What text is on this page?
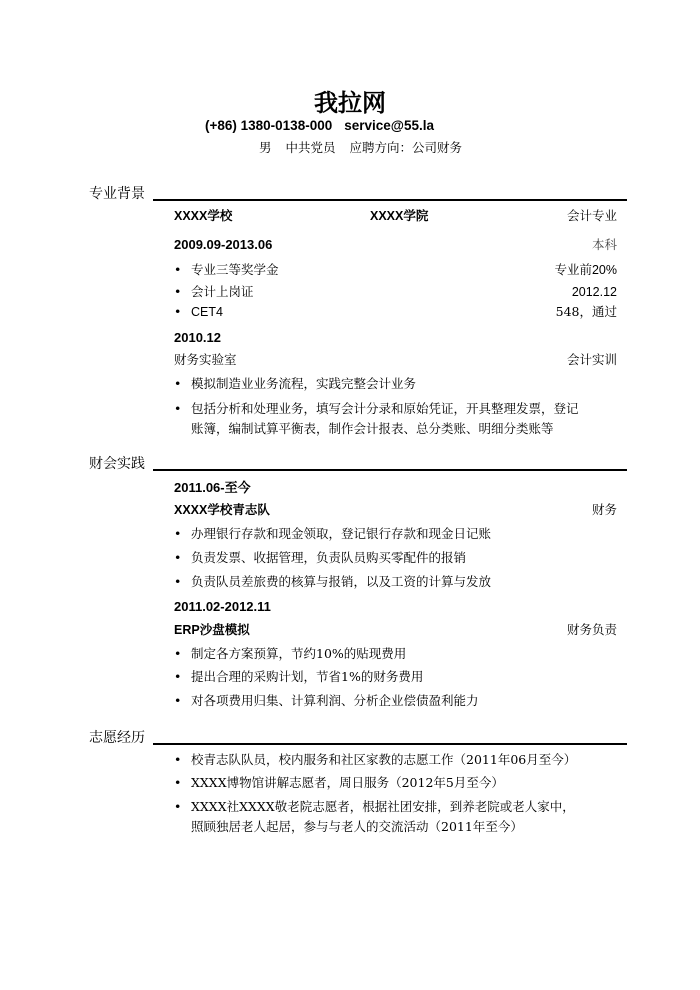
我拉网
(+86) 1380-0138-000 service@55.la
男 中共党员 应聘方向：公司财务
专业背景
XXXX学校	XXXX学院	会计专业
2009.09-2013.06	本科
• 专业三等奖学金	专业前20%
• 会计上岗证	2012.12
• CET4	548，通过
2010.12
财务实验室	会计实训
• 模拟制造业业务流程，实践完整会计业务
• 包括分析和处理业务，填写会计分录和原始凭证，开具整理发票，登记账簿，编制试算平衡表，制作会计报表、总分类账、明细分类账等
财会实践
2011.06-至今
XXXX学校青志队	财务
• 办理银行存款和现金领取，登记银行存款和现金日记账
• 负责发票、收据管理，负责队员购买零配件的报销
• 负责队员差旅费的核算与报销，以及工资的计算与发放
2011.02-2012.11
ERP沙盘模拟	财务负责
• 制定各方案预算，节约10%的贴现费用
• 提出合理的采购计划，节省1%的财务费用
• 对各项费用归集、计算利润、分析企业偿债盈利能力
志愿经历
• 校青志队队员，校内服务和社区家教的志愿工作（2011年06月至今）
• XXXX博物馆讲解志愿者，周日服务（2012年5月至今）
• XXXX社XXXX敬老院志愿者，根据社团安排，到养老院或老人家中，照顾独居老人起居，参与与老人的交流活动（2011年至今）
